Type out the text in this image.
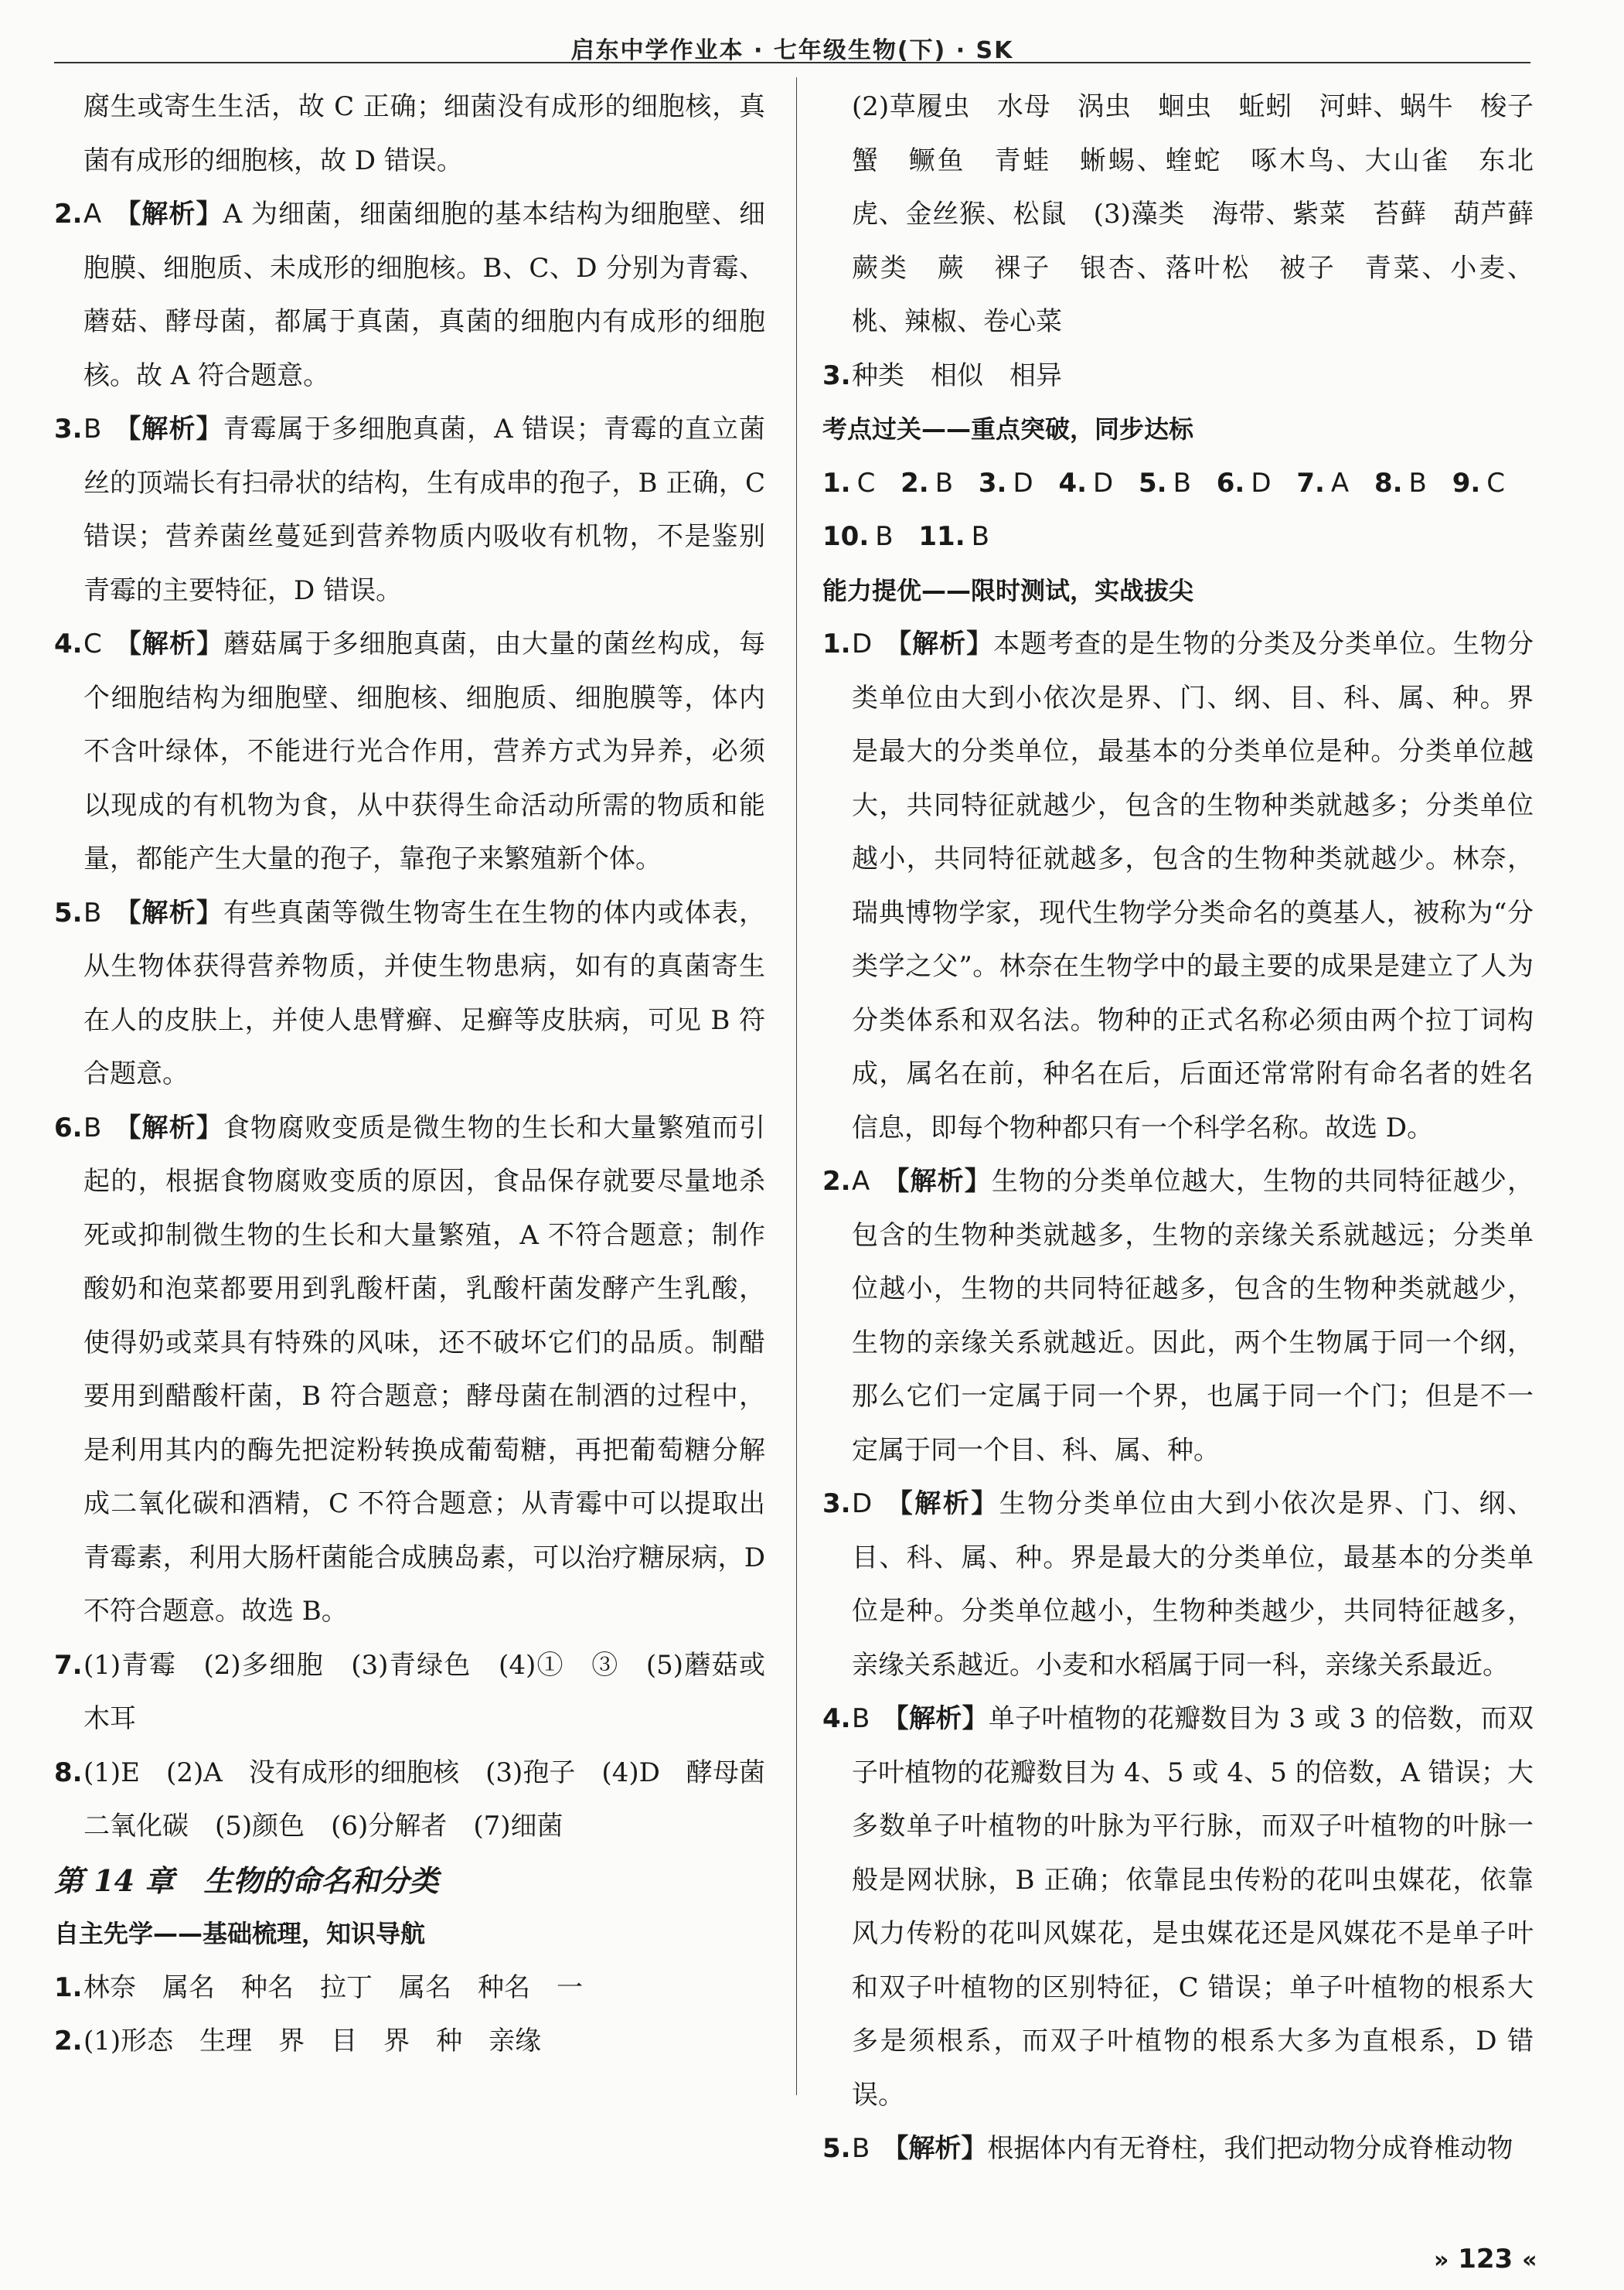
启东中学作业本 · 七年级生物(下) · SK
腐生或寄生生活，故 C 正确；细菌没有成形的细胞核，真菌有成形的细胞核，故 D 错误。
2. A 【解析】A 为细菌，细菌细胞的基本结构为细胞壁、细胞膜、细胞质、未成形的细胞核。B、C、D 分别为青霉、蘑菇、酵母菌，都属于真菌，真菌的细胞内有成形的细胞核。故 A 符合题意。
3. B 【解析】青霉属于多细胞真菌，A 错误；青霉的直立菌丝的顶端长有扫帚状的结构，生有成串的孢子，B 正确，C 错误；营养菌丝蔓延到营养物质内吸收有机物，不是鉴别青霉的主要特征，D 错误。
4. C 【解析】蘑菇属于多细胞真菌，由大量的菌丝构成，每个细胞结构为细胞壁、细胞核、细胞质、细胞膜等，体内不含叶绿体，不能进行光合作用，营养方式为异养，必须以现成的有机物为食，从中获得生命活动所需的物质和能量，都能产生大量的孢子，靠孢子来繁殖新个体。
5. B 【解析】有些真菌等微生物寄生在生物的体内或体表，从生物体获得营养物质，并使生物患病，如有的真菌寄生在人的皮肤上，并使人患臂癣、足癣等皮肤病，可见 B 符合题意。
6. B 【解析】食物腐败变质是微生物的生长和大量繁殖而引起的，根据食物腐败变质的原因，食品保存就要尽量地杀死或抑制微生物的生长和大量繁殖，A 不符合题意；制作酸奶和泡菜都要用到乳酸杆菌，乳酸杆菌发酵产生乳酸，使得奶或菜具有特殊的风味，还不破坏它们的品质。制醋要用到醋酸杆菌，B 符合题意；酵母菌在制酒的过程中，是利用其内的酶先把淀粉转换成葡萄糖，再把葡萄糖分解成二氧化碳和酒精，C 不符合题意；从青霉中可以提取出青霉素，利用大肠杆菌能合成胰岛素，可以治疗糖尿病，D 不符合题意。故选 B。
7. (1)青霉　(2)多细胞　(3)青绿色　(4)①　③　(5)蘑菇或木耳
8. (1)E　(2)A　没有成形的细胞核　(3)孢子　(4)D　酵母菌　二氧化碳　(5)颜色　(6)分解者　(7)细菌
第 14 章　生物的命名和分类
自主先学——基础梳理，知识导航
1. 林奈　属名　种名　拉丁　属名　种名　一
2. (1)形态　生理　界　目　界　种　亲缘
(2)草履虫　水母　涡虫　蛔虫　蚯蚓　河蚌、蜗牛　梭子蟹　鳜鱼　青蛙　蜥蜴、蝰蛇　啄木鸟、大山雀　东北虎、金丝猴、松鼠　(3)藻类　海带、紫菜　苔藓　葫芦藓　蕨类　蕨　裸子　银杏、落叶松　被子　青菜、小麦、桃、辣椒、卷心菜
3. 种类　相似　相异
考点过关——重点突破，同步达标
1. C 2. B 3. D 4. D 5. B 6. D 7. A 8. B 9. C
10. B 11. B
能力提优——限时测试，实战拔尖
1. D 【解析】本题考查的是生物的分类及分类单位。生物分类单位由大到小依次是界、门、纲、目、科、属、种。界是最大的分类单位，最基本的分类单位是种。分类单位越大，共同特征就越少，包含的生物种类就越多；分类单位越小，共同特征就越多，包含的生物种类就越少。林奈，瑞典博物学家，现代生物学分类命名的奠基人，被称为“分类学之父”。林奈在生物学中的最主要的成果是建立了人为分类体系和双名法。物种的正式名称必须由两个拉丁词构成，属名在前，种名在后，后面还常常附有命名者的姓名信息，即每个物种都只有一个科学名称。故选 D。
2. A 【解析】生物的分类单位越大，生物的共同特征越少，包含的生物种类就越多，生物的亲缘关系就越远；分类单位越小，生物的共同特征越多，包含的生物种类就越少，生物的亲缘关系就越近。因此，两个生物属于同一个纲，那么它们一定属于同一个界，也属于同一个门；但是不一定属于同一个目、科、属、种。
3. D 【解析】生物分类单位由大到小依次是界、门、纲、目、科、属、种。界是最大的分类单位，最基本的分类单位是种。分类单位越小，生物种类越少，共同特征越多，亲缘关系越近。小麦和水稻属于同一科，亲缘关系最近。
4. B 【解析】单子叶植物的花瓣数目为 3 或 3 的倍数，而双子叶植物的花瓣数目为 4、5 或 4、5 的倍数，A 错误；大多数单子叶植物的叶脉为平行脉，而双子叶植物的叶脉一般是网状脉，B 正确；依靠昆虫传粉的花叫虫媒花，依靠风力传粉的花叫风媒花，是虫媒花还是风媒花不是单子叶和双子叶植物的区别特征，C 错误；单子叶植物的根系大多是须根系，而双子叶植物的根系大多为直根系，D 错误。
5. B 【解析】根据体内有无脊柱，我们把动物分成脊椎动物
» 123 «
